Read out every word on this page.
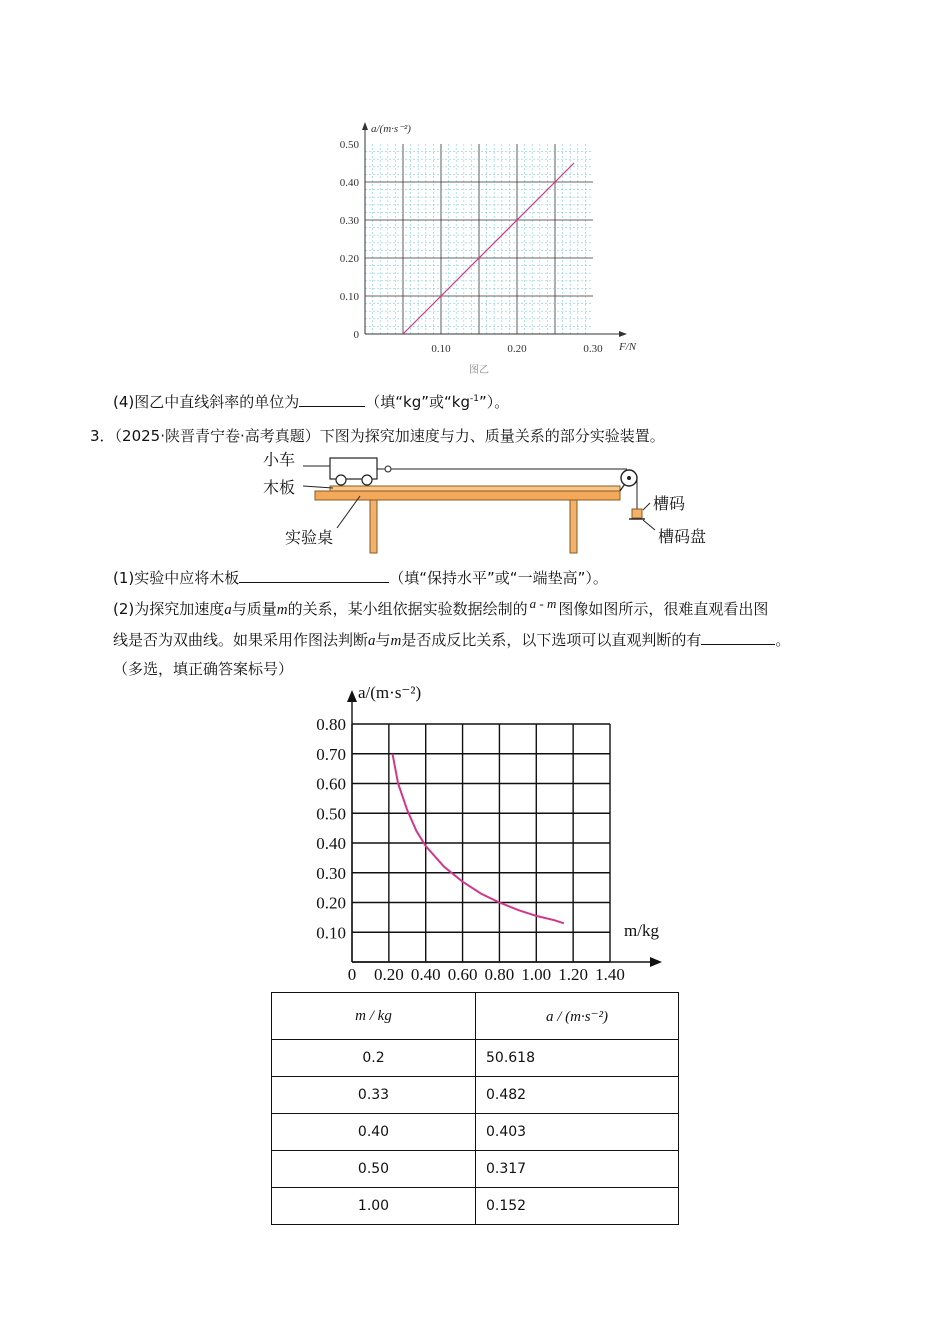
0
0.10
0.20
0.30
0.40
0.50
0.10	0.20	0.30
a/(m·s⁻²)
F/N
图乙
(4)图乙中直线斜率的单位为	（填“kg”或“$kg^{-1}$”）。
3．（2025·陕晋青宁卷·高考真题）下图为探究加速度与力、质量关系的部分实验装置。
小车
木板
实验桌
槽码
槽码盘
(1)实验中应将木板	（填“保持水平”或“一端垫高”）。
(2)为探究加速度a与质量m的关系，某小组依据实验数据绘制的 a - m 图像如图所示，很难直观看出图
线是否为双曲线。如果采用作图法判断a与m是否成反比关系，以下选项可以直观判断的有	。
（多选，填正确答案标号）
0.10
0.20
0.30
0.40
0.50
0.60
0.70
0.80
0 0.20 0.40 0.60 0.80 1.00 1.20 1.40
a/(m·s⁻²)
m/kg
m / kg	a / (m·s⁻²)
0.2	50.618
0.33	0.482
0.40	0.403
0.50	0.317
1.00	0.152
